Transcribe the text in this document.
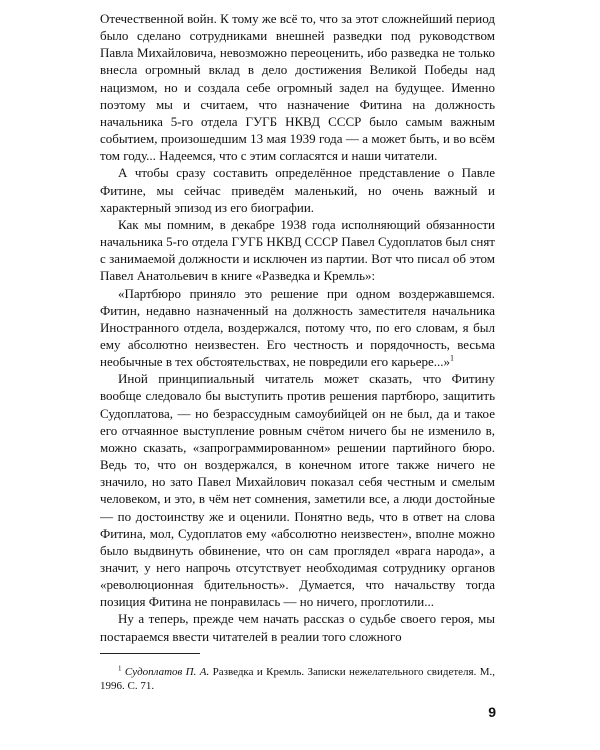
Отечественной войн. К тому же всё то, что за этот сложнейший период было сделано сотрудниками внешней разведки под руководством Павла Михайловича, невозможно переоценить, ибо разведка не только внесла огромный вклад в дело достижения Великой Победы над нацизмом, но и создала себе огромный задел на будущее. Именно поэтому мы и считаем, что назначение Фитина на должность начальника 5-го отдела ГУГБ НКВД СССР было самым важным событием, произошедшим 13 мая 1939 года — а может быть, и во всём том году... Надеемся, что с этим согласятся и наши читатели.

А чтобы сразу составить определённое представление о Павле Фитине, мы сейчас приведём маленький, но очень важный и характерный эпизод из его биографии.

Как мы помним, в декабре 1938 года исполняющий обязанности начальника 5-го отдела ГУГБ НКВД СССР Павел Судоплатов был снят с занимаемой должности и исключен из партии. Вот что писал об этом Павел Анатольевич в книге «Разведка и Кремль»:

«Партбюро приняло это решение при одном воздержавшемся. Фитин, недавно назначенный на должность заместителя начальника Иностранного отдела, воздержался, потому что, по его словам, я был ему абсолютно неизвестен. Его честность и порядочность, весьма необычные в тех обстоятельствах, не повредили его карьере...»$^1$

Иной принципиальный читатель может сказать, что Фитину вообще следовало бы выступить против решения партбюро, защитить Судоплатова, — но безрассудным самоубийцей он не был, да и такое его отчаянное выступление ровным счётом ничего бы не изменило в, можно сказать, «запрограммированном» решении партийного бюро. Ведь то, что он воздержался, в конечном итоге также ничего не значило, но зато Павел Михайлович показал себя честным и смелым человеком, и это, в чём нет сомнения, заметили все, а люди достойные — по достоинству же и оценили. Понятно ведь, что в ответ на слова Фитина, мол, Судоплатов ему «абсолютно неизвестен», вполне можно было выдвинуть обвинение, что он сам проглядел «врага народа», а значит, у него напрочь отсутствует необходимая сотруднику органов «революционная бдительность». Думается, что начальству тогда позиция Фитина не понравилась — но ничего, проглотили...

Ну а теперь, прежде чем начать рассказ о судьбе своего героя, мы постараемся ввести читателей в реалии того сложного

$^1$ Судоплатов П. А. Разведка и Кремль. Записки нежелательного свидетеля. М., 1996. С. 71.

9
